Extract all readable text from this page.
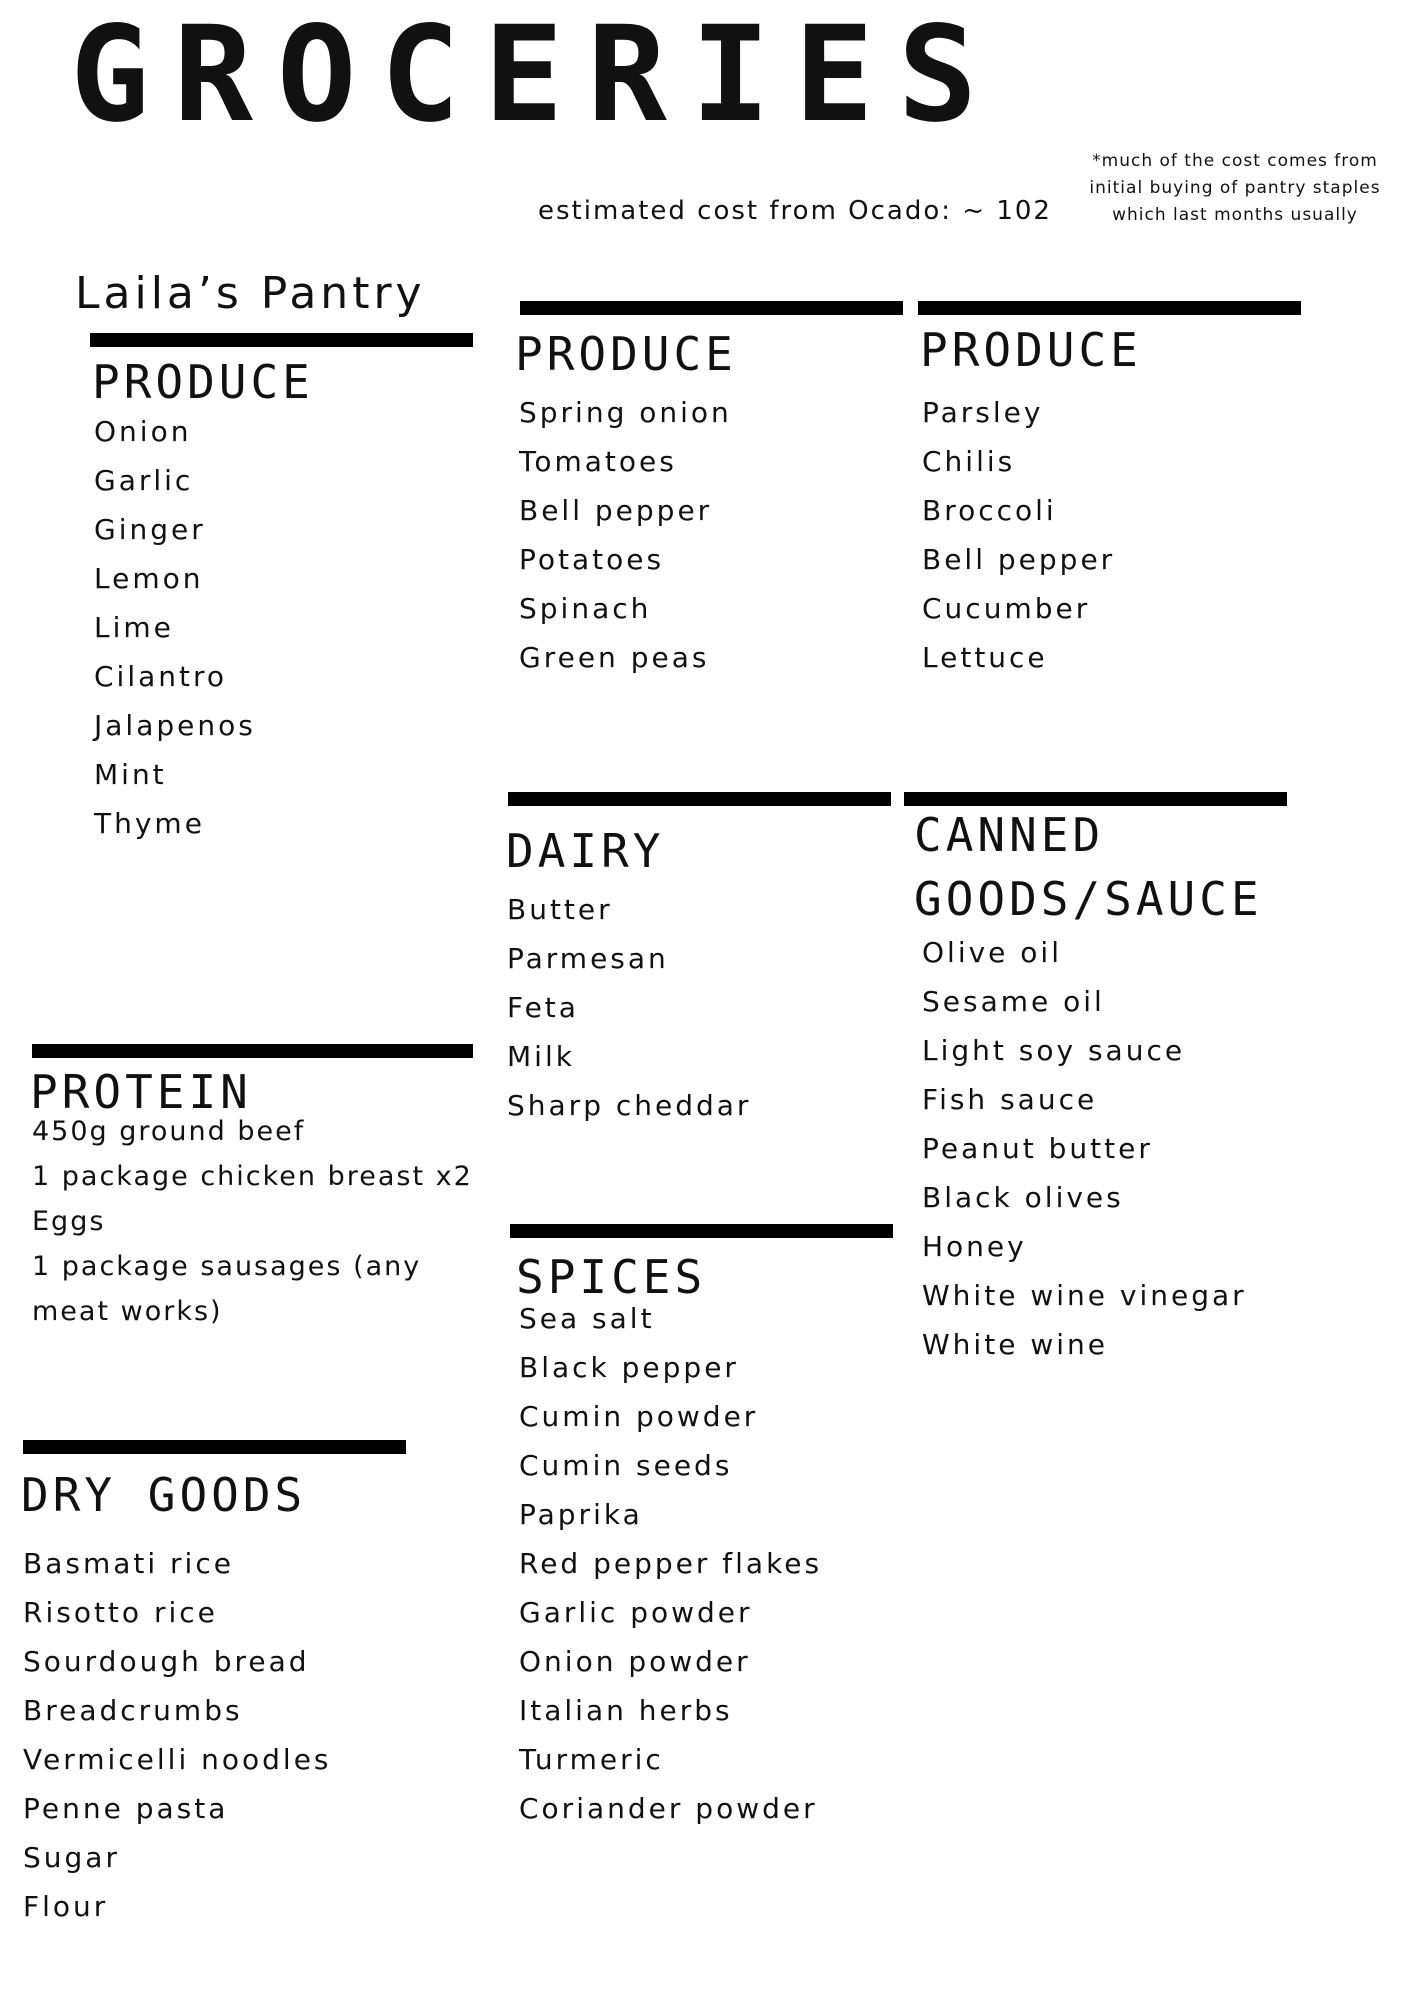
GROCERIES
estimated cost from Ocado: ~ 102
*much of the cost comes from initial buying of pantry staples which last months usually
Laila’s Pantry
PRODUCE
Onion
Garlic
Ginger
Lemon
Lime
Cilantro
Jalapenos
Mint
Thyme
PRODUCE
Spring onion
Tomatoes
Bell pepper
Potatoes
Spinach
Green peas
PRODUCE
Parsley
Chilis
Broccoli
Bell pepper
Cucumber
Lettuce
DAIRY
Butter
Parmesan
Feta
Milk
Sharp cheddar
CANNED
GOODS/SAUCE
Olive oil
Sesame oil
Light soy sauce
Fish sauce
Peanut butter
Black olives
Honey
White wine vinegar
White wine
PROTEIN
450g ground beef
1 package chicken breast x2
Eggs
1 package sausages (any meat works)
SPICES
Sea salt
Black pepper
Cumin powder
Cumin seeds
Paprika
Red pepper flakes
Garlic powder
Onion powder
Italian herbs
Turmeric
Coriander powder
DRY GOODS
Basmati rice
Risotto rice
Sourdough bread
Breadcrumbs
Vermicelli noodles
Penne pasta
Sugar
Flour
